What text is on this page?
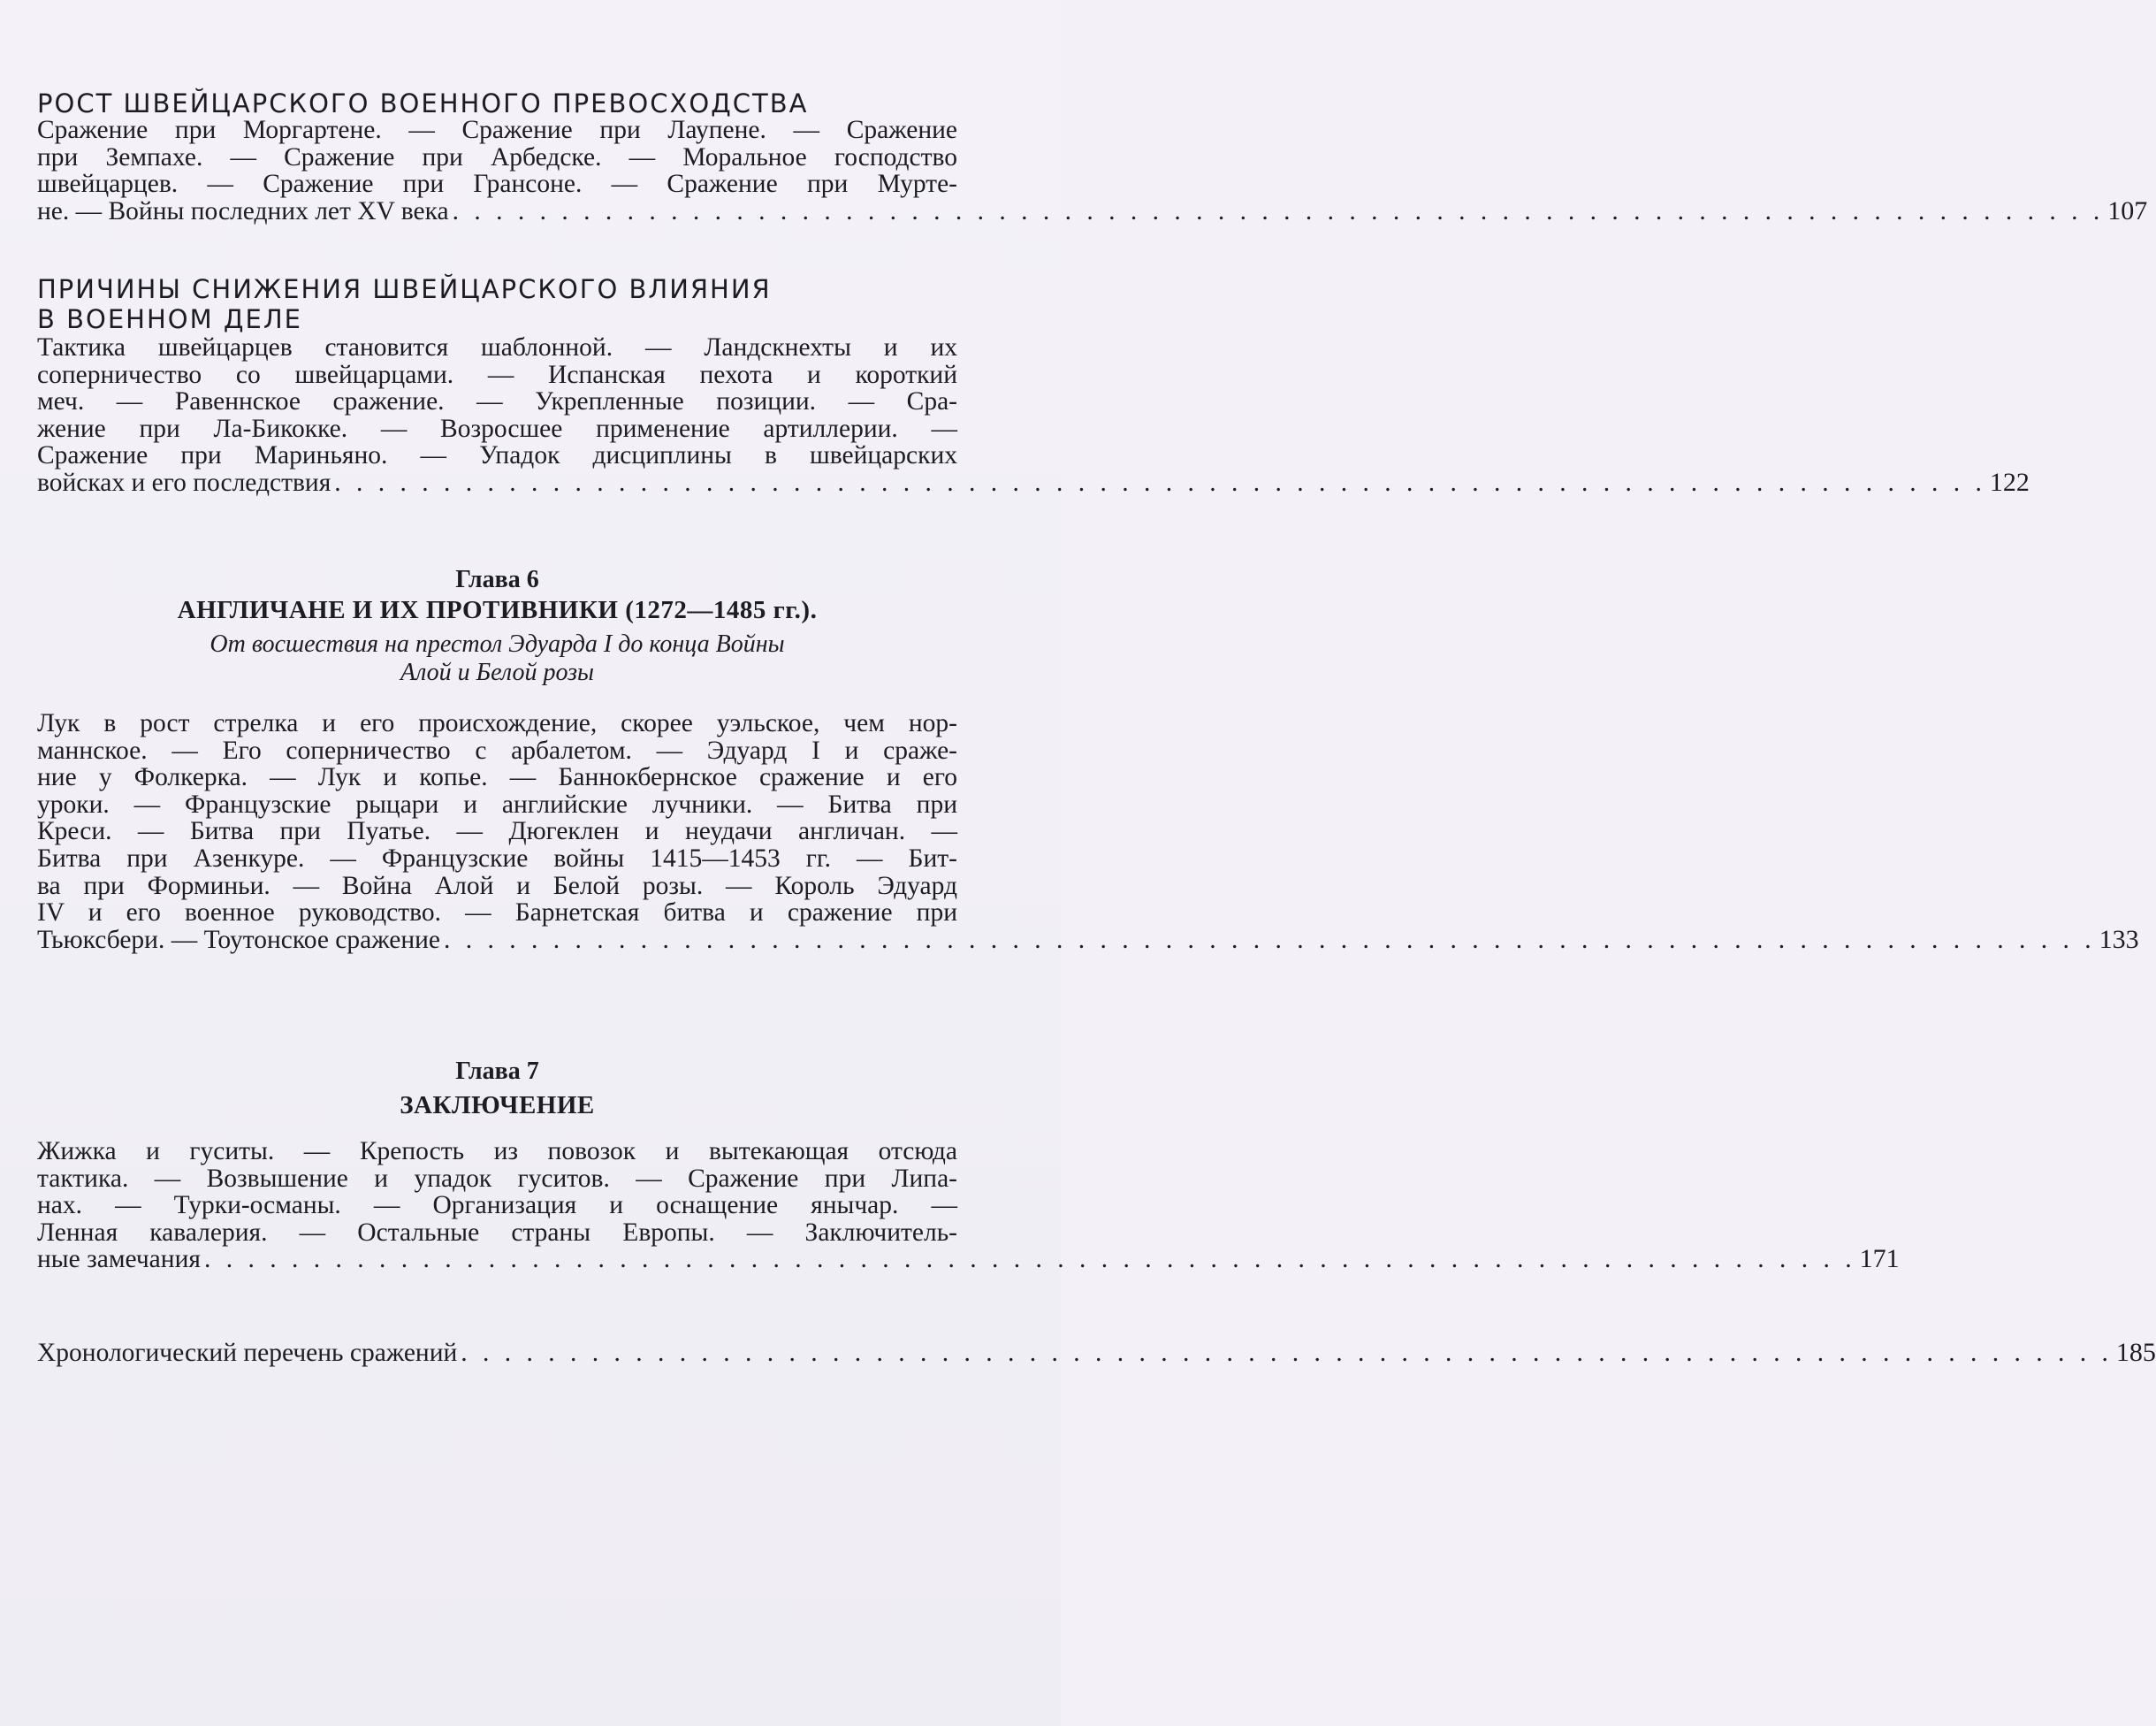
РОСТ ШВЕЙЦАРСКОГО ВОЕННОГО ПРЕВОСХОДСТВА
Сражение при Моргартене. — Сражение при Лаупене. — Сражение
при Земпахе. — Сражение при Арбедске. — Моральное господство
швейцарцев. — Сражение при Грансоне. — Сражение при Мурте-
не. — Войны последних лет XV века . . . . . . . . . . . . . . . . . . . . . . . . . . . . . . . . . . . . . . . . . . . . . . . . . . . . . . . . . . . . . . . . . . . . . . . . . . . . 107
ПРИЧИНЫ СНИЖЕНИЯ ШВЕЙЦАРСКОГО ВЛИЯНИЯ
В ВОЕННОМ ДЕЛЕ
Тактика швейцарцев становится шаблонной. — Ландскнехты и их
соперничество со швейцарцами. — Испанская пехота и короткий
меч. — Равеннское сражение. — Укрепленные позиции. — Сра-
жение при Ла-Бикокке. — Возросшее применение артиллерии. —
Сражение при Мариньяно. — Упадок дисциплины в швейцарских
войсках и его последствия . . . . . . . . . . . . . . . . . . . . . . . . . . . . . . . . . . . . . . . . . . . . . . . . . . . . . . . . . . . . . . . . . . . . . . . . . . . . 122
Глава 6
АНГЛИЧАНЕ И ИХ ПРОТИВНИКИ (1272—1485 гг.).
От восшествия на престол Эдуарда I до конца Войны
Алой и Белой розы
Лук в рост стрелка и его происхождение, скорее уэльское, чем нор-
маннское. — Его соперничество с арбалетом. — Эдуард I и сраже-
ние у Фолкерка. — Лук и копье. — Баннокбернское сражение и его
уроки. — Французские рыцари и английские лучники. — Битва при
Креси. — Битва при Пуатье. — Дюгеклен и неудачи англичан. —
Битва при Азенкуре. — Французские войны 1415—1453 гг. — Бит-
ва при Форминьи. — Война Алой и Белой розы. — Король Эдуард
IV и его военное руководство. — Барнетская битва и сражение при
Тьюксбери. — Тоутонское сражение . . . . . . . . . . . . . . . . . . . . . . . . . . . . . . . . . . . . . . . . . . . . . . . . . . . . . . . . . . . . . . . . . . . . . . . . . . . . 133
Глава 7
ЗАКЛЮЧЕНИЕ
Жижка и гуситы. — Крепость из повозок и вытекающая отсюда
тактика. — Возвышение и упадок гуситов. — Сражение при Липа-
нах. — Турки-османы. — Организация и оснащение янычар. —
Ленная кавалерия. — Остальные страны Европы. — Заключитель-
ные замечания . . . . . . . . . . . . . . . . . . . . . . . . . . . . . . . . . . . . . . . . . . . . . . . . . . . . . . . . . . . . . . . . . . . . . . . . . . . . 171
Хронологический перечень сражений . . . . . . . . . . . . . . . . . . . . . . . . . . . . . . . . . . . . . . . . . . . . . . . . . . . . . . . . . . . . . . . . . . . . . . . . . . . . 185
